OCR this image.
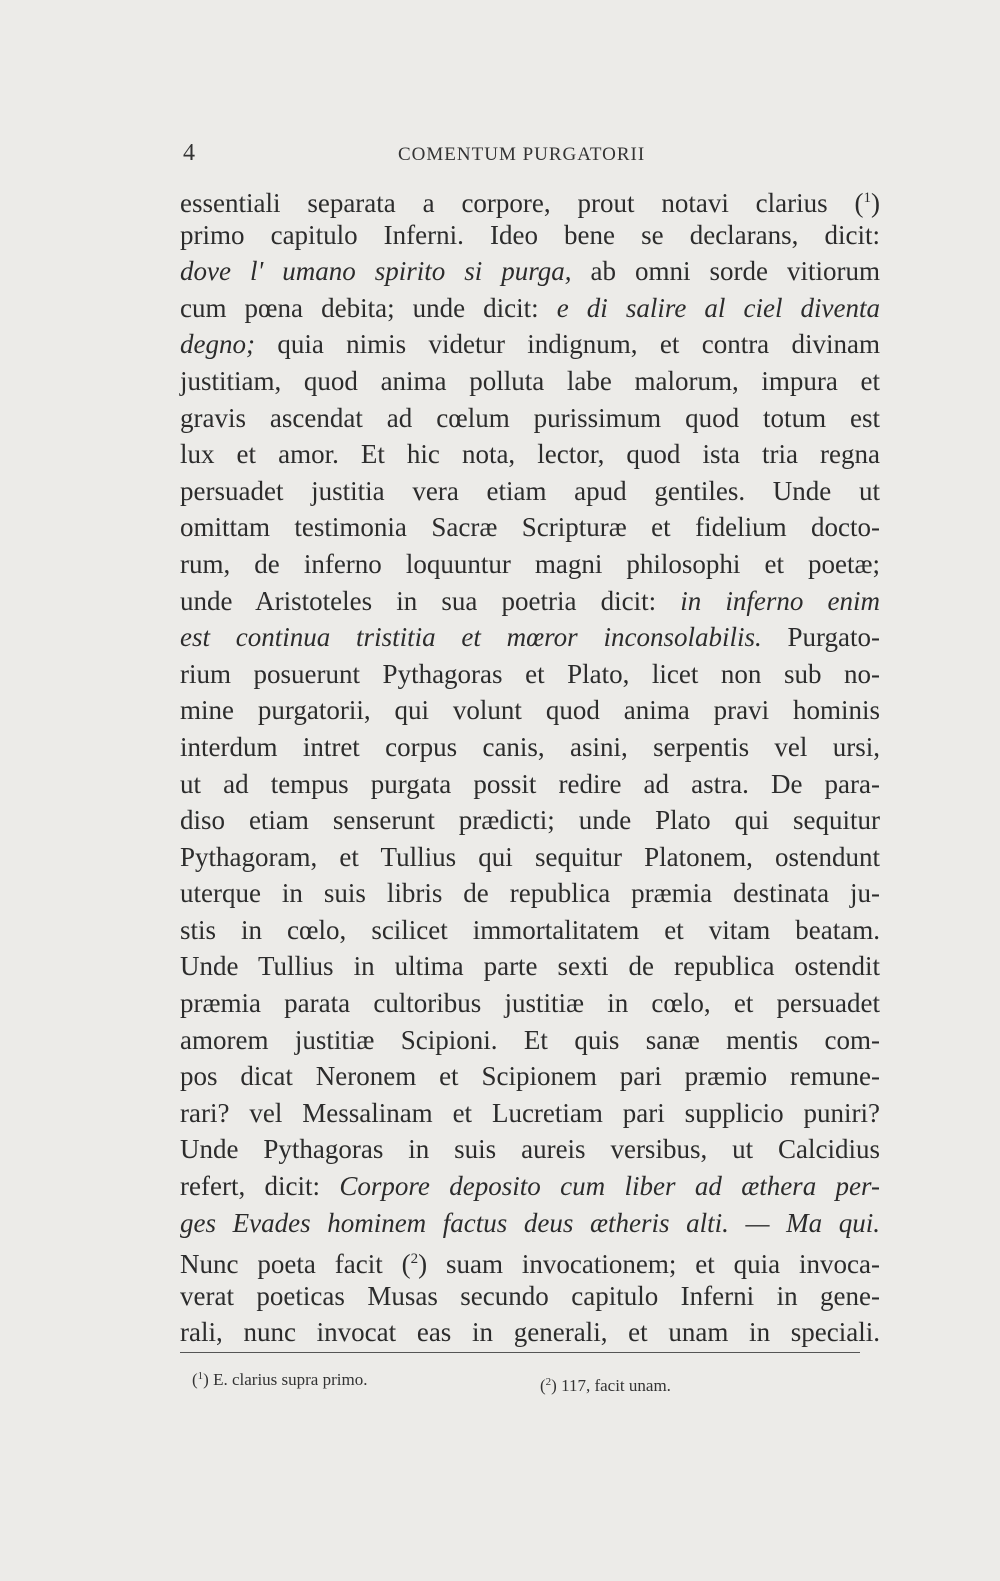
4	COMENTUM PURGATORII
essentiali separata a corpore, prout notavi clarius ($^1$)
primo capitulo Inferni. Ideo bene se declarans, dicit:
dove l' umano spirito si purga, ab omni sorde vitiorum
cum pœna debita; unde dicit: e di salire al ciel diventa
degno; quia nimis videtur indignum, et contra divinam
justitiam, quod anima polluta labe malorum, impura et
gravis ascendat ad cœlum purissimum quod totum est
lux et amor. Et hic nota, lector, quod ista tria regna
persuadet justitia vera etiam apud gentiles. Unde ut
omittam testimonia Sacræ Scripturæ et fidelium docto-
rum, de inferno loquuntur magni philosophi et poetæ;
unde Aristoteles in sua poetria dicit: in inferno enim
est continua tristitia et mœror inconsolabilis. Purgato-
rium posuerunt Pythagoras et Plato, licet non sub no-
mine purgatorii, qui volunt quod anima pravi hominis
interdum intret corpus canis, asini, serpentis vel ursi,
ut ad tempus purgata possit redire ad astra. De para-
diso etiam senserunt prædicti; unde Plato qui sequitur
Pythagoram, et Tullius qui sequitur Platonem, ostendunt
uterque in suis libris de republica præmia destinata ju-
stis in cœlo, scilicet immortalitatem et vitam beatam.
Unde Tullius in ultima parte sexti de republica ostendit
præmia parata cultoribus justitiæ in cœlo, et persuadet
amorem justitiæ Scipioni. Et quis sanæ mentis com-
pos dicat Neronem et Scipionem pari præmio remune-
rari? vel Messalinam et Lucretiam pari supplicio puniri?
Unde Pythagoras in suis aureis versibus, ut Calcidius
refert, dicit: Corpore deposito cum liber ad æthera per-
ges Evades hominem factus deus ætheris alti. — Ma qui.
Nunc poeta facit ($^2$) suam invocationem; et quia invoca-
verat poeticas Musas secundo capitulo Inferni in gene-
rali, nunc invocat eas in generali, et unam in speciali.
($^1$) E. clarius supra primo.	($^2$) 117, facit unam.
